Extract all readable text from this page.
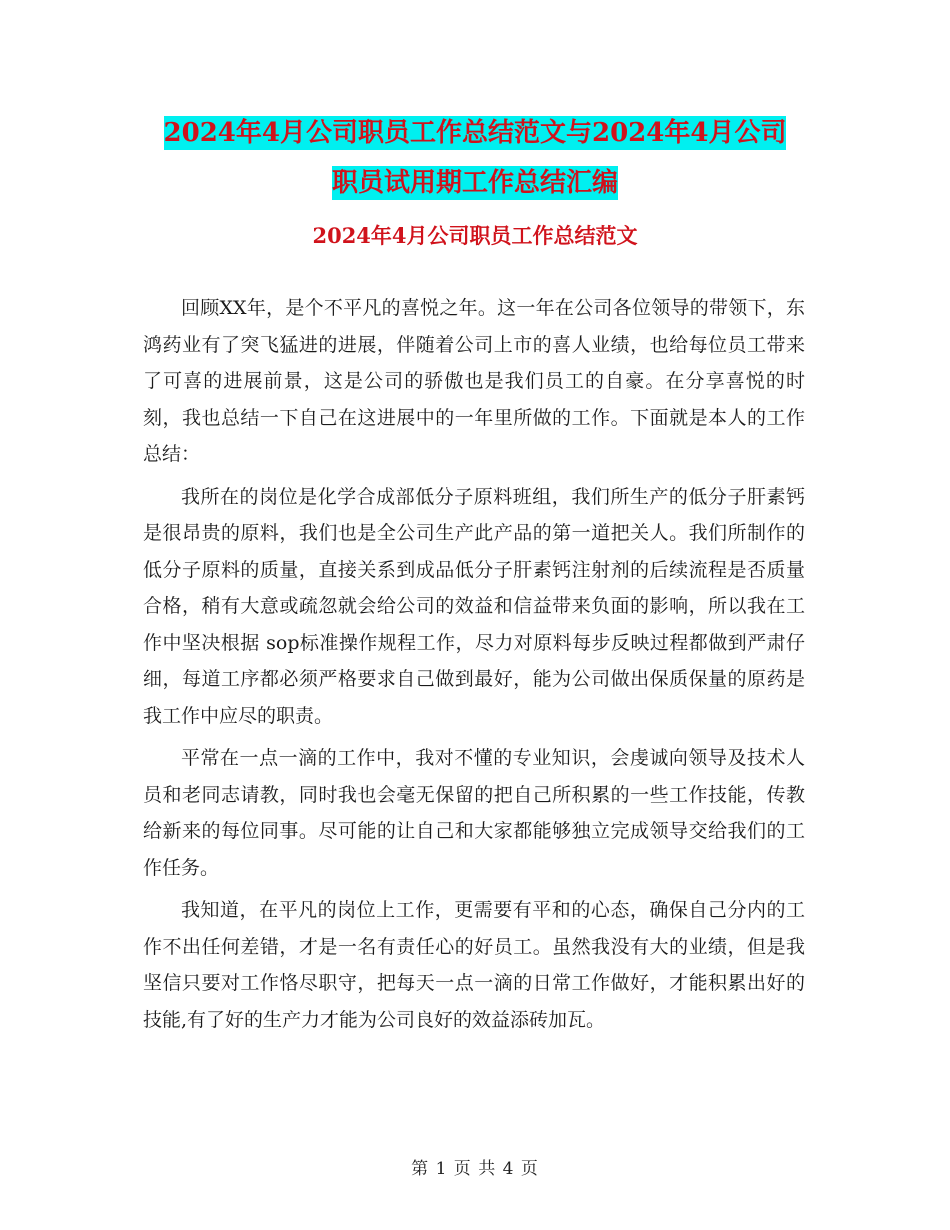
2024年4月公司职员工作总结范文与2024年4月公司
职员试用期工作总结汇编
2024年4月公司职员工作总结范文

回顾XX年，是个不平凡的喜悦之年。这一年在公司各位领导的带领下，东鸿药业有了突飞猛进的进展，伴随着公司上市的喜人业绩，也给每位员工带来了可喜的进展前景，这是公司的骄傲也是我们员工的自豪。在分享喜悦的时刻，我也总结一下自己在这进展中的一年里所做的工作。下面就是本人的工作总结：

我所在的岗位是化学合成部低分子原料班组，我们所生产的低分子肝素钙是很昂贵的原料，我们也是全公司生产此产品的第一道把关人。我们所制作的低分子原料的质量，直接关系到成品低分子肝素钙注射剂的后续流程是否质量合格，稍有大意或疏忽就会给公司的效益和信益带来负面的影响，所以我在工作中坚决根据 sop标准操作规程工作，尽力对原料每步反映过程都做到严肃仔细，每道工序都必须严格要求自己做到最好，能为公司做出保质保量的原药是我工作中应尽的职责。

平常在一点一滴的工作中，我对不懂的专业知识，会虔诚向领导及技术人员和老同志请教，同时我也会毫无保留的把自己所积累的一些工作技能，传教给新来的每位同事。尽可能的让自己和大家都能够独立完成领导交给我们的工作任务。

我知道，在平凡的岗位上工作，更需要有平和的心态，确保自己分内的工作不出任何差错，才是一名有责任心的好员工。虽然我没有大的业绩，但是我坚信只要对工作恪尽职守，把每天一点一滴的日常工作做好，才能积累出好的技能,有了好的生产力才能为公司良好的效益添砖加瓦。

第 1 页 共 4 页
